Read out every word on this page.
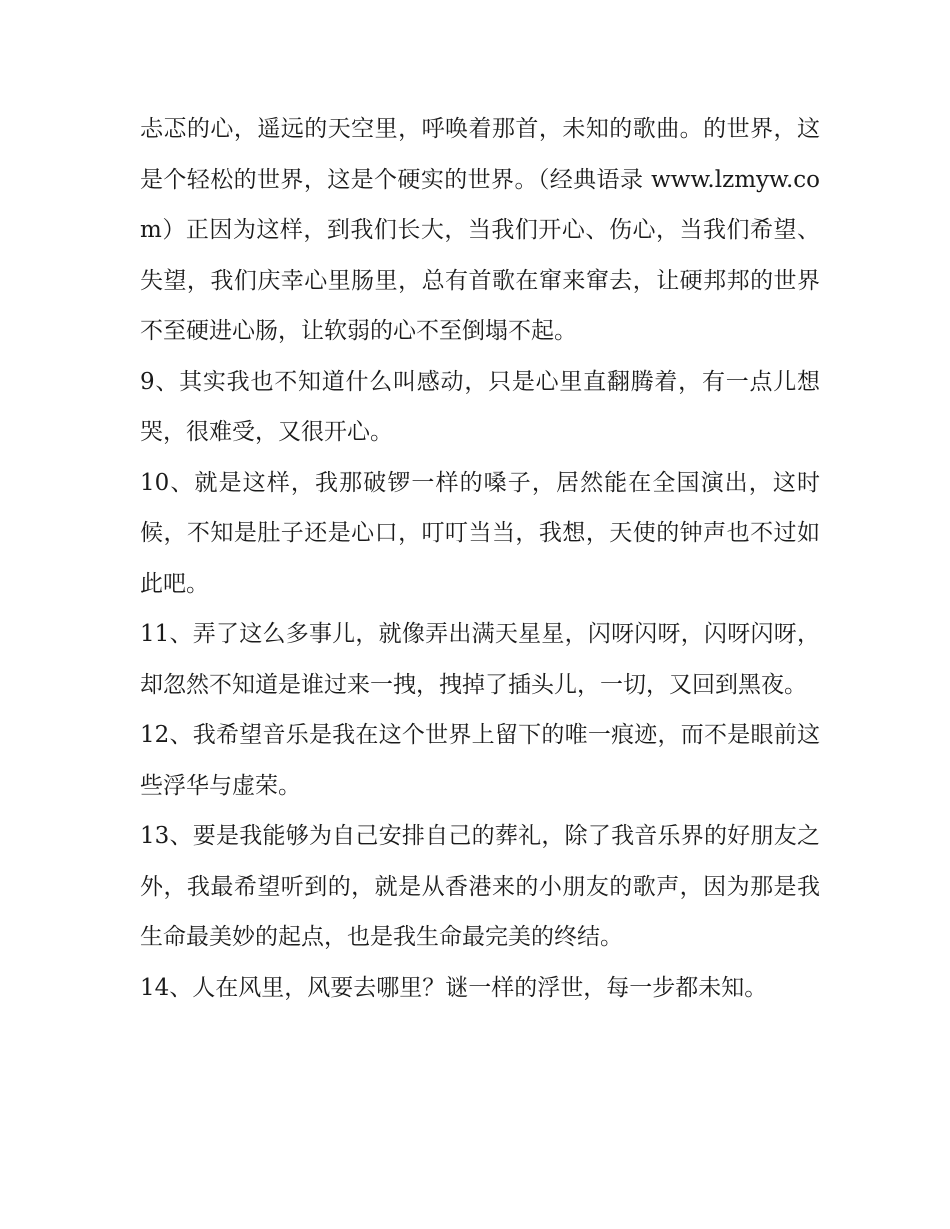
忐忑的心，遥远的天空里，呼唤着那首，未知的歌曲。的世界，这是个轻松的世界，这是个硬实的世界。（经典语录 www.lzmyw.com）正因为这样，到我们长大，当我们开心、伤心，当我们希望、失望，我们庆幸心里肠里，总有首歌在窜来窜去，让硬邦邦的世界不至硬进心肠，让软弱的心不至倒塌不起。

9、其实我也不知道什么叫感动，只是心里直翻腾着，有一点儿想哭，很难受，又很开心。

10、就是这样，我那破锣一样的嗓子，居然能在全国演出，这时候，不知是肚子还是心口，叮叮当当，我想，天使的钟声也不过如此吧。

11、弄了这么多事儿，就像弄出满天星星，闪呀闪呀，闪呀闪呀，却忽然不知道是谁过来一拽，拽掉了插头儿，一切，又回到黑夜。

12、我希望音乐是我在这个世界上留下的唯一痕迹，而不是眼前这些浮华与虚荣。

13、要是我能够为自己安排自己的葬礼，除了我音乐界的好朋友之外，我最希望听到的，就是从香港来的小朋友的歌声，因为那是我生命最美妙的起点，也是我生命最完美的终结。

14、人在风里，风要去哪里？谜一样的浮世，每一步都未知。
